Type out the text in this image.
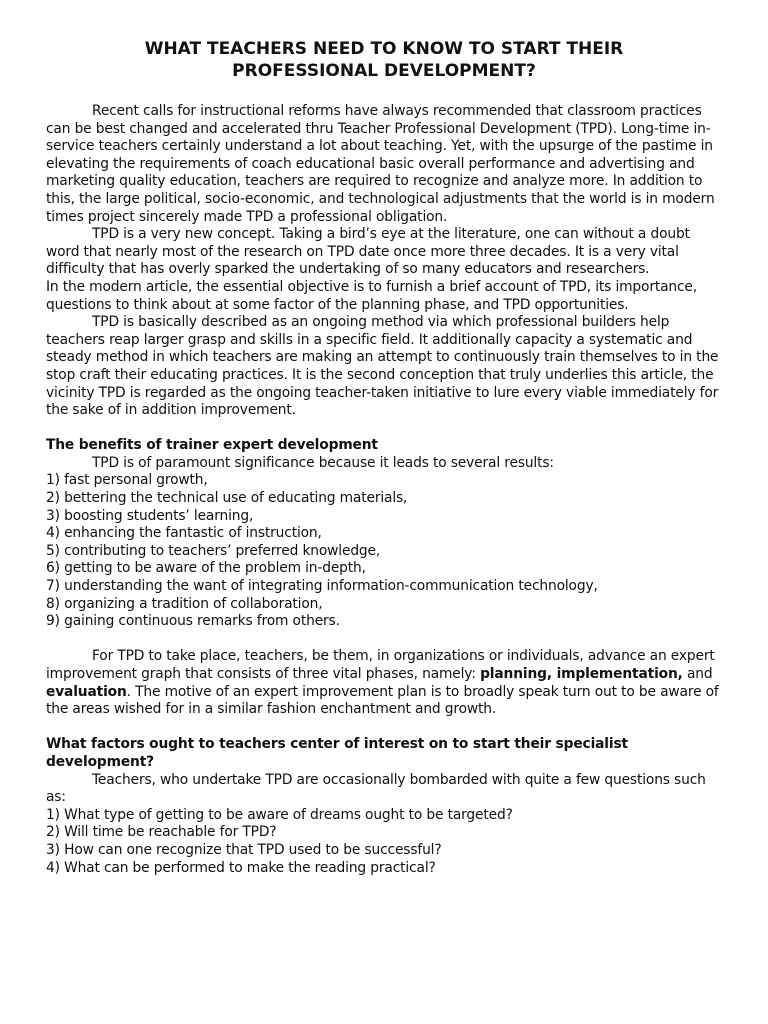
WHAT TEACHERS NEED TO KNOW TO START THEIR
PROFESSIONAL DEVELOPMENT?

Recent calls for instructional reforms have always recommended that classroom practices can be best changed and accelerated thru Teacher Professional Development (TPD). Long-time in-service teachers certainly understand a lot about teaching. Yet, with the upsurge of the pastime in elevating the requirements of coach educational basic overall performance and advertising and marketing quality education, teachers are required to recognize and analyze more. In addition to this, the large political, socio-economic, and technological adjustments that the world is in modern times project sincerely made TPD a professional obligation.

TPD is a very new concept. Taking a bird’s eye at the literature, one can without a doubt word that nearly most of the research on TPD date once more three decades. It is a very vital difficulty that has overly sparked the undertaking of so many educators and researchers.

In the modern article, the essential objective is to furnish a brief account of TPD, its importance, questions to think about at some factor of the planning phase, and TPD opportunities.

TPD is basically described as an ongoing method via which professional builders help teachers reap larger grasp and skills in a specific field. It additionally capacity a systematic and steady method in which teachers are making an attempt to continuously train themselves to in the stop craft their educating practices. It is the second conception that truly underlies this article, the vicinity TPD is regarded as the ongoing teacher-taken initiative to lure every viable immediately for the sake of in addition improvement.

The benefits of trainer expert development

TPD is of paramount significance because it leads to several results:

1) fast personal growth,
2) bettering the technical use of educating materials,
3) boosting students’ learning,
4) enhancing the fantastic of instruction,
5) contributing to teachers’ preferred knowledge,
6) getting to be aware of the problem in-depth,
7) understanding the want of integrating information-communication technology,
8) organizing a tradition of collaboration,
9) gaining continuous remarks from others.

For TPD to take place, teachers, be them, in organizations or individuals, advance an expert improvement graph that consists of three vital phases, namely: planning, implementation, and evaluation. The motive of an expert improvement plan is to broadly speak turn out to be aware of the areas wished for in a similar fashion enchantment and growth.

What factors ought to teachers center of interest on to start their specialist development?

Teachers, who undertake TPD are occasionally bombarded with quite a few questions such as:

1) What type of getting to be aware of dreams ought to be targeted?
2) Will time be reachable for TPD?
3) How can one recognize that TPD used to be successful?
4) What can be performed to make the reading practical?
